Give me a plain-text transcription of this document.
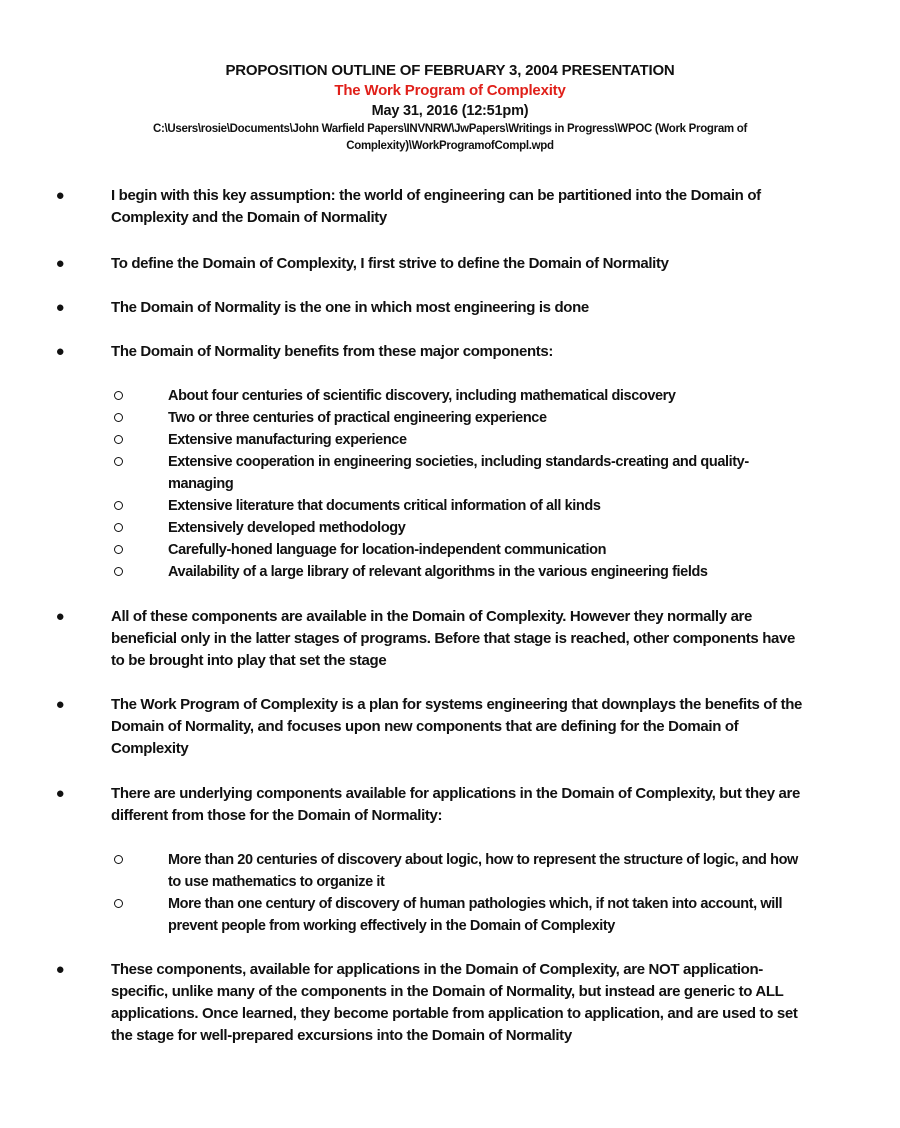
PROPOSITION OUTLINE OF FEBRUARY 3, 2004 PRESENTATION
The Work Program of Complexity
May 31, 2016 (12:51pm)
C:\Users\rosie\Documents\John Warfield Papers\INVNRW\JwPapers\Writings in Progress\WPOC (Work Program of Complexity)\WorkProgramofCompl.wpd
●	I begin with this key assumption: the world of engineering can be partitioned into the Domain of Complexity and the Domain of Normality
●	To define the Domain of Complexity, I first strive to define the Domain of Normality
●	The Domain of Normality is the one in which most engineering is done
●	The Domain of Normality benefits from these major components:
About four centuries of scientific discovery, including mathematical discovery
Two or three centuries of practical engineering experience
Extensive manufacturing experience
Extensive cooperation in engineering societies, including standards-creating and quality-managing
Extensive literature that documents critical information of all kinds
Extensively developed methodology
Carefully-honed language for location-independent communication
Availability of a large library of relevant algorithms in the various engineering fields
●	All of these components are available in the Domain of Complexity. However they normally are beneficial only in the latter stages of programs. Before that stage is reached, other components have to be brought into play that set the stage
●	The Work Program of Complexity is a plan for systems engineering that downplays the benefits of the Domain of Normality, and focuses upon new components that are defining for the Domain of Complexity
●	There are underlying components available for applications in the Domain of Complexity, but they are different from those for the Domain of Normality:
More than 20 centuries of discovery about logic, how to represent the structure of logic, and how to use mathematics to organize it
More than one century of discovery of human pathologies which, if not taken into account, will prevent people from working effectively in the Domain of Complexity
●	These components, available for applications in the Domain of Complexity, are NOT application-specific, unlike many of the components in the Domain of Normality, but instead are generic to ALL applications. Once learned, they become portable from application to application, and are used to set the stage for well-prepared excursions into the Domain of Normality
